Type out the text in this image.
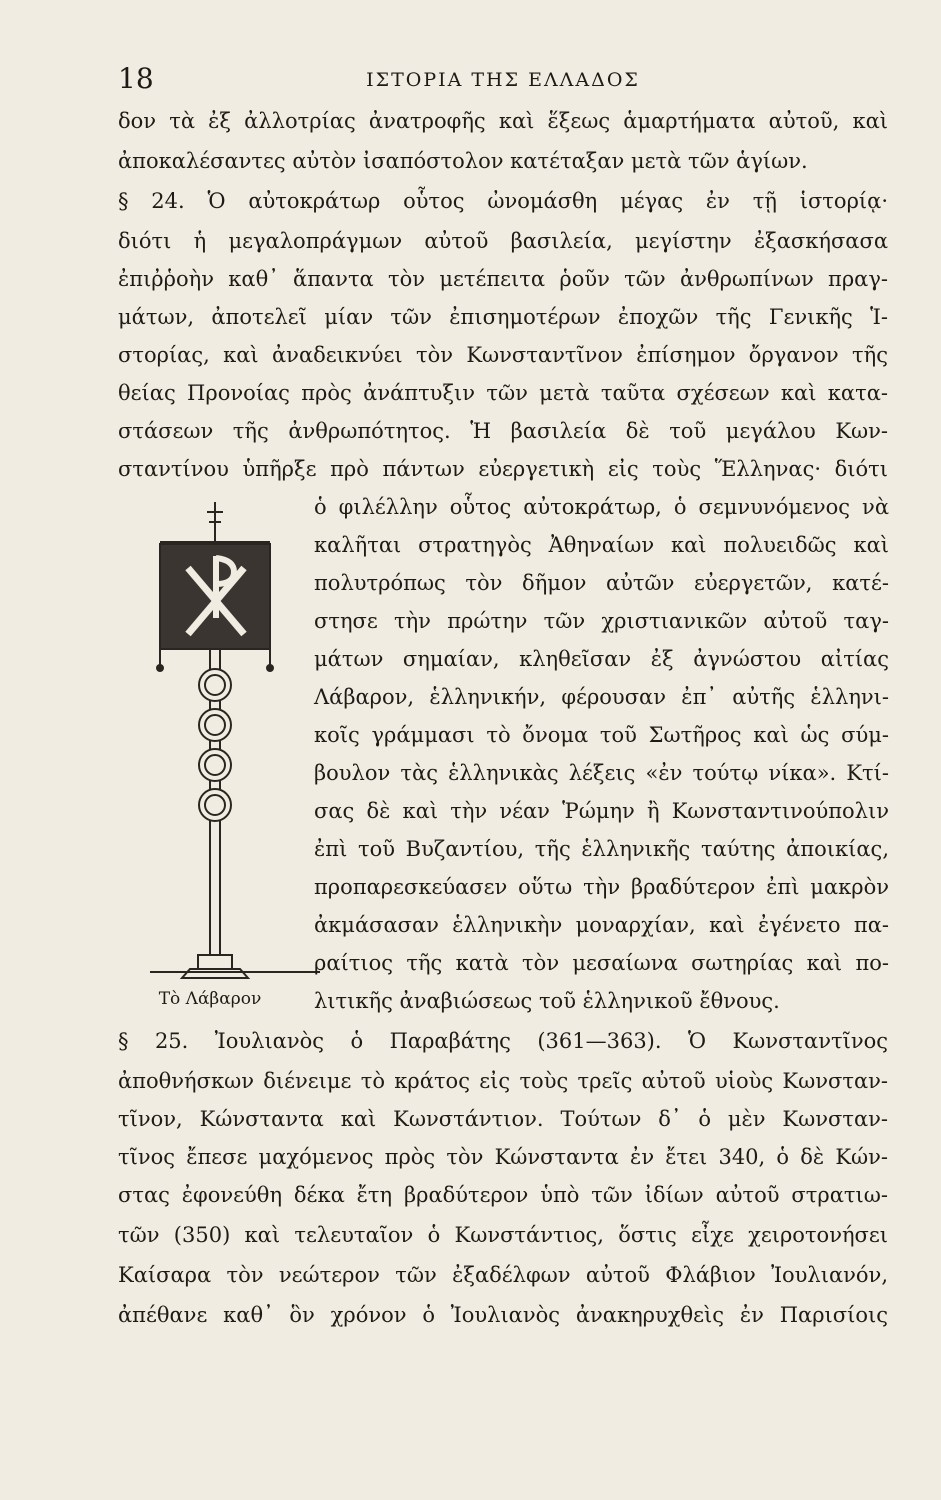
18	ΙΣΤΟΡΙΑ ΤΗΣ ΕΛΛΑΔΟΣ
δον τὰ ἐξ ἀλλοτρίας ἀνατροφῆς καὶ ἕξεως ἁμαρτήματα αὐτοῦ, καὶ
ἀποκαλέσαντες αὐτὸν ἰσαπόστολον κατέταξαν μετὰ τῶν ἁγίων.
§ 24. Ὁ αὐτοκράτωρ οὗτος ὠνομάσθη μέγας ἐν τῇ ἱστορίᾳ·
διότι ἡ μεγαλοπράγμων αὐτοῦ βασιλεία, μεγίστην ἐξασκήσασα
ἐπιῤῥοὴν καθ᾽ ἅπαντα τὸν μετέπειτα ῥοῦν τῶν ἀνθρωπίνων πραγ-
μάτων, ἀποτελεῖ μίαν τῶν ἐπισημοτέρων ἐποχῶν τῆς Γενικῆς Ἱ-
στορίας, καὶ ἀναδεικνύει τὸν Κωνσταντῖνον ἐπίσημον ὄργανον τῆς
θείας Προνοίας πρὸς ἀνάπτυξιν τῶν μετὰ ταῦτα σχέσεων καὶ κατα-
στάσεων τῆς ἀνθρωπότητος. Ἡ βασιλεία δὲ τοῦ μεγάλου Κων-
σταντίνου ὑπῆρξε πρὸ πάντων εὐεργετικὴ εἰς τοὺς Ἕλληνας· διότι
Τὸ Λάβαρον
ὁ φιλέλλην οὗτος αὐτοκράτωρ, ὁ σεμνυνόμενος νὰ
καλῆται στρατηγὸς Ἀθηναίων καὶ πολυειδῶς καὶ
πολυτρόπως τὸν δῆμον αὐτῶν εὐεργετῶν, κατέ-
στησε τὴν πρώτην τῶν χριστιανικῶν αὐτοῦ ταγ-
μάτων σημαίαν, κληθεῖσαν ἐξ ἀγνώστου αἰτίας
Λάβαρον, ἑλληνικήν, φέρουσαν ἐπ᾽ αὐτῆς ἑλληνι-
κοῖς γράμμασι τὸ ὄνομα τοῦ Σωτῆρος καὶ ὡς σύμ-
βουλον τὰς ἑλληνικὰς λέξεις «ἐν τούτῳ νίκα». Κτί-
σας δὲ καὶ τὴν νέαν Ῥώμην ἢ Κωνσταντινούπολιν
ἐπὶ τοῦ Βυζαντίου, τῆς ἑλληνικῆς ταύτης ἀποικίας,
προπαρεσκεύασεν οὕτω τὴν βραδύτερον ἐπὶ μακρὸν
ἀκμάσασαν ἑλληνικὴν μοναρχίαν, καὶ ἐγένετο πα-
ραίτιος τῆς κατὰ τὸν μεσαίωνα σωτηρίας καὶ πο-
λιτικῆς ἀναβιώσεως τοῦ ἑλληνικοῦ ἔθνους.
§ 25. Ἰουλιανὸς ὁ Παραβάτης (361—363). Ὁ Κωνσταντῖνος
ἀποθνήσκων διένειμε τὸ κράτος εἰς τοὺς τρεῖς αὐτοῦ υἱοὺς Κωνσταν-
τῖνον, Κώνσταντα καὶ Κωνστάντιον. Τούτων δ᾽ ὁ μὲν Κωνσταν-
τῖνος ἔπεσε μαχόμενος πρὸς τὸν Κώνσταντα ἐν ἔτει 340, ὁ δὲ Κών-
στας ἐφονεύθη δέκα ἔτη βραδύτερον ὑπὸ τῶν ἰδίων αὐτοῦ στρατιω-
τῶν (350) καὶ τελευταῖον ὁ Κωνστάντιος, ὅστις εἶχε χειροτονήσει
Καίσαρα τὸν νεώτερον τῶν ἐξαδέλφων αὐτοῦ Φλάβιον Ἰουλιανόν,
ἀπέθανε καθ᾽ ὃν χρόνον ὁ Ἰουλιανὸς ἀνακηρυχθεὶς ἐν Παρισίοις
